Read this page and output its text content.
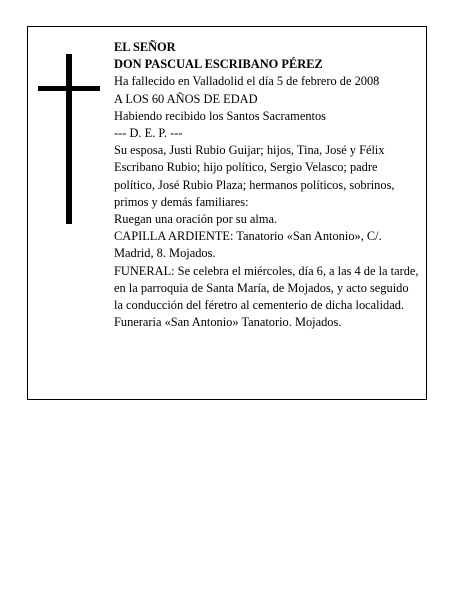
EL SEÑOR

DON PASCUAL ESCRIBANO PÉREZ

Ha fallecido en Valladolid el día 5 de febrero de 2008

A LOS 60 AÑOS DE EDAD

Habiendo recibido los Santos Sacramentos

--- D. E. P. ---

Su esposa, Justi Rubio Guijar; hijos, Tina, José y Félix Escribano Rubio; hijo político, Sergio Velasco; padre político, José Rubio Plaza; hermanos políticos, sobrinos, primos y demás familiares:

Ruegan una oración por su alma.

CAPILLA ARDIENTE: Tanatorio «San Antonio», C/. Madrid, 8. Mojados.

FUNERAL: Se celebra el miércoles, día 6, a las 4 de la tarde, en la parroquia de Santa María, de Mojados, y acto seguido la conducción del féretro al cementerio de dicha localidad.

Funeraria «San Antonio» Tanatorio. Mojados.
